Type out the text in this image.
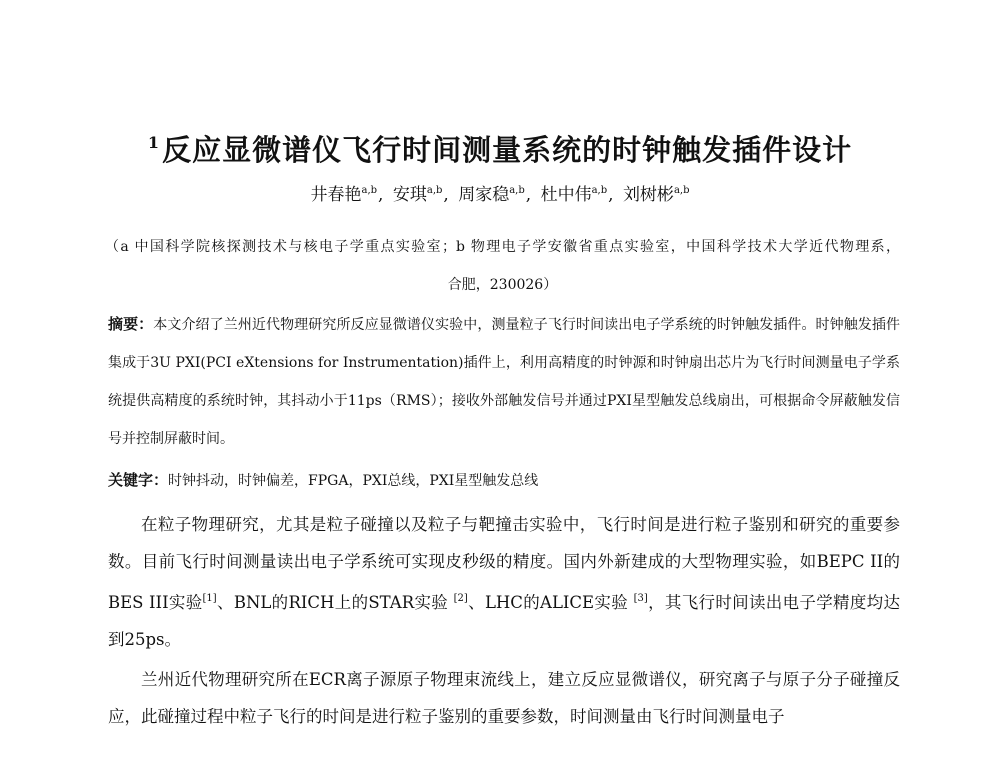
$^1$反应显微谱仪飞行时间测量系统的时钟触发插件设计
井春艳$^{a,b}$, 安琪$^{a,b}$, 周家稳$^{a,b}$, 杜中伟$^{a,b}$, 刘树彬$^{a,b}$
（a 中国科学院核探测技术与核电子学重点实验室；b 物理电子学安徽省重点实验室，中国科学技术大学近代物理系，
合肥，230026）
摘要：本文介绍了兰州近代物理研究所反应显微谱仪实验中，测量粒子飞行时间读出电子学系统的时钟触发插件。时钟触发插件集成于3U PXI(PCI eXtensions for Instrumentation)插件上，利用高精度的时钟源和时钟扇出芯片为飞行时间测量电子学系统提供高精度的系统时钟，其抖动小于11ps（RMS）；接收外部触发信号并通过PXI星型触发总线扇出，可根据命令屏蔽触发信号并控制屏蔽时间。
关键字：时钟抖动，时钟偏差，FPGA，PXI总线，PXI星型触发总线

在粒子物理研究，尤其是粒子碰撞以及粒子与靶撞击实验中，飞行时间是进行粒子鉴别和研究的重要参数。目前飞行时间测量读出电子学系统可实现皮秒级的精度。国内外新建成的大型物理实验，如BEPC II的BES III实验[1]、BNL的RICH上的STAR实验 [2]、LHC的ALICE实验 [3]，其飞行时间读出电子学精度均达到25ps。

兰州近代物理研究所在ECR离子源原子物理束流线上，建立反应显微谱仪，研究离子与原子分子碰撞反应，此碰撞过程中粒子飞行的时间是进行粒子鉴别的重要参数，时间测量由飞行时间测量电子
